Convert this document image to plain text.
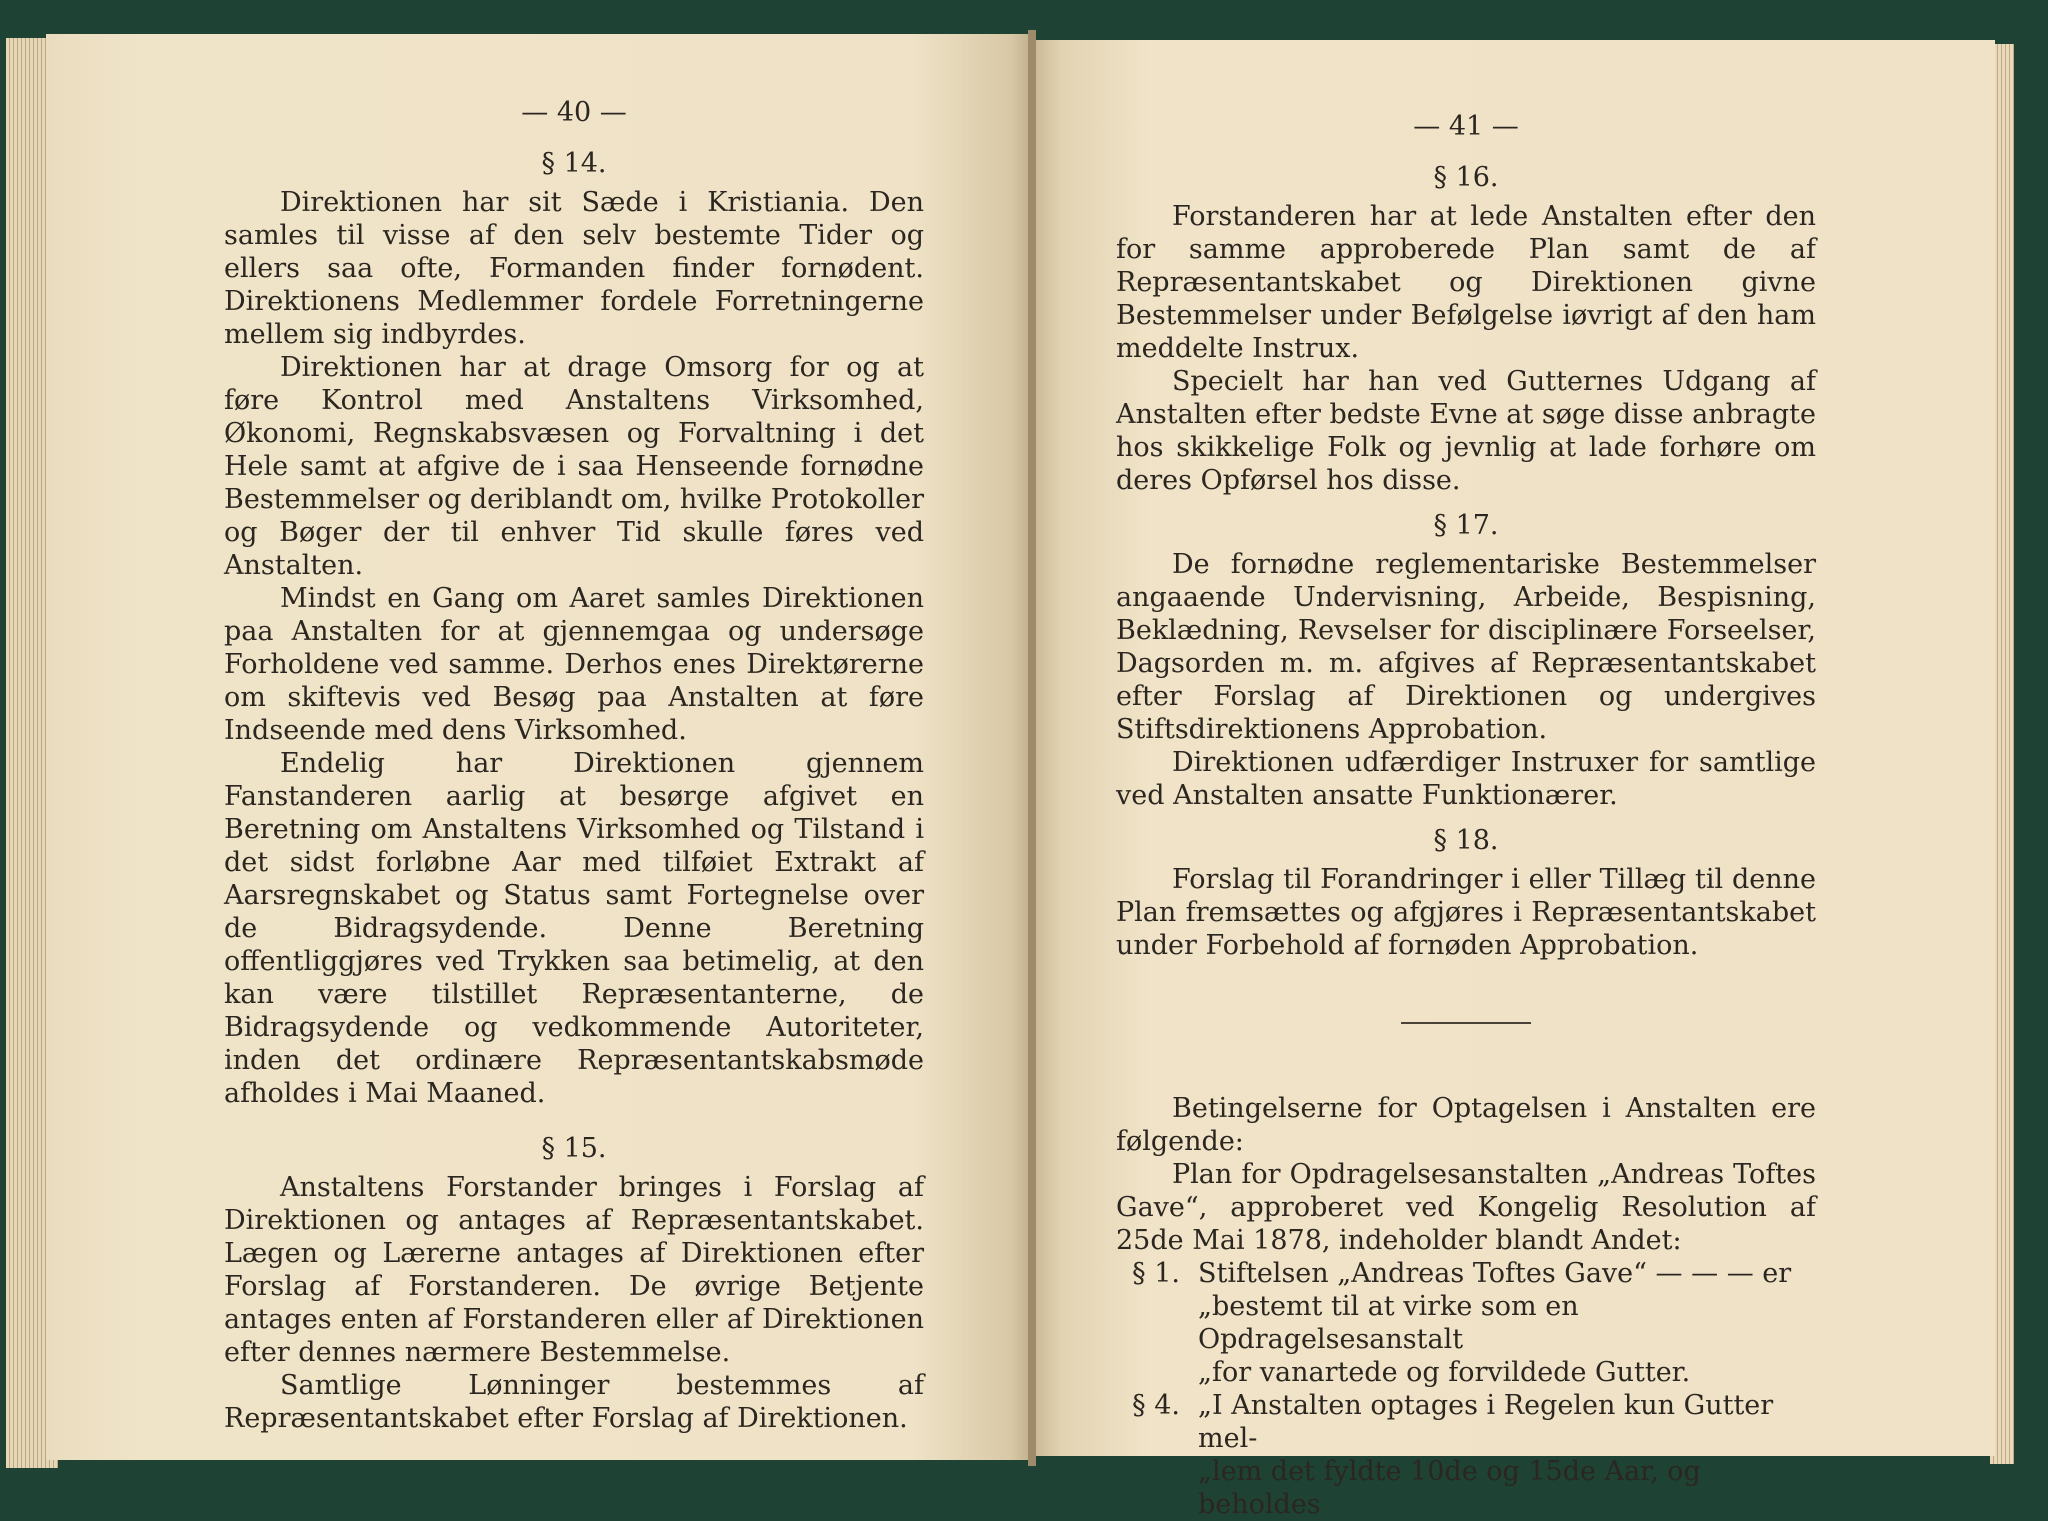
— 40 —
§ 14.

Direktionen har sit Sæde i Kristiania. Den samles til visse af den selv bestemte Tider og ellers saa ofte, Formanden finder fornødent. Direktionens Medlemmer fordele Forretningerne mellem sig indbyrdes.

Direktionen har at drage Omsorg for og at føre Kontrol med Anstaltens Virksomhed, Økonomi, Regnskabsvæsen og Forvaltning i det Hele samt at afgive de i saa Henseende fornødne Bestemmelser og deriblandt om, hvilke Protokoller og Bøger der til enhver Tid skulle føres ved Anstalten.

Mindst en Gang om Aaret samles Direktionen paa Anstalten for at gjennemgaa og undersøge Forholdene ved samme. Derhos enes Direktørerne om skiftevis ved Besøg paa Anstalten at føre Indseende med dens Virksomhed.

Endelig har Direktionen gjennem Fanstanderen aarlig at besørge afgivet en Beretning om Anstaltens Virksomhed og Tilstand i det sidst forløbne Aar med tilføiet Extrakt af Aarsregnskabet og Status samt Fortegnelse over de Bidragsydende. Denne Beretning offentliggjøres ved Trykken saa betimelig, at den kan være tilstillet Repræsentanterne, de Bidragsydende og vedkommende Autoriteter, inden det ordinære Repræsentantskabsmøde afholdes i Mai Maaned.

§ 15.

Anstaltens Forstander bringes i Forslag af Direktionen og antages af Repræsentantskabet. Lægen og Lærerne antages af Direktionen efter Forslag af Forstanderen. De øvrige Betjente antages enten af Forstanderen eller af Direktionen efter dennes nærmere Bestemmelse.

Samtlige Lønninger bestemmes af Repræsentantskabet efter Forslag af Direktionen.

— 41 —
§ 16.

Forstanderen har at lede Anstalten efter den for samme approberede Plan samt de af Repræsentantskabet og Direktionen givne Bestemmelser under Befølgelse iøvrigt af den ham meddelte Instrux.

Specielt har han ved Gutternes Udgang af Anstalten efter bedste Evne at søge disse anbragte hos skikkelige Folk og jevnlig at lade forhøre om deres Opførsel hos disse.

§ 17.

De fornødne reglementariske Bestemmelser angaaende Undervisning, Arbeide, Bespisning, Beklædning, Revselser for disciplinære Forseelser, Dagsorden m. m. afgives af Repræsentantskabet efter Forslag af Direktionen og undergives Stiftsdirektionens Approbation.

Direktionen udfærdiger Instruxer for samtlige ved Anstalten ansatte Funktionærer.

§ 18.

Forslag til Forandringer i eller Tillæg til denne Plan fremsættes og afgjøres i Repræsentantskabet under Forbehold af fornøden Approbation.

Betingelserne for Optagelsen i Anstalten ere følgende:

Plan for Opdragelsesanstalten „Andreas Toftes Gave“, approberet ved Kongelig Resolution af 25de Mai 1878, indeholder blandt Andet:

§ 1. Stiftelsen „Andreas Toftes Gave“ — — — er

„bestemt til at virke som en Opdragelsesanstalt

„for vanartede og forvildede Gutter.

§ 4. „I Anstalten optages i Regelen kun Gutter mel-

„lem det fyldte 10de og 15de Aar, og beholdes
